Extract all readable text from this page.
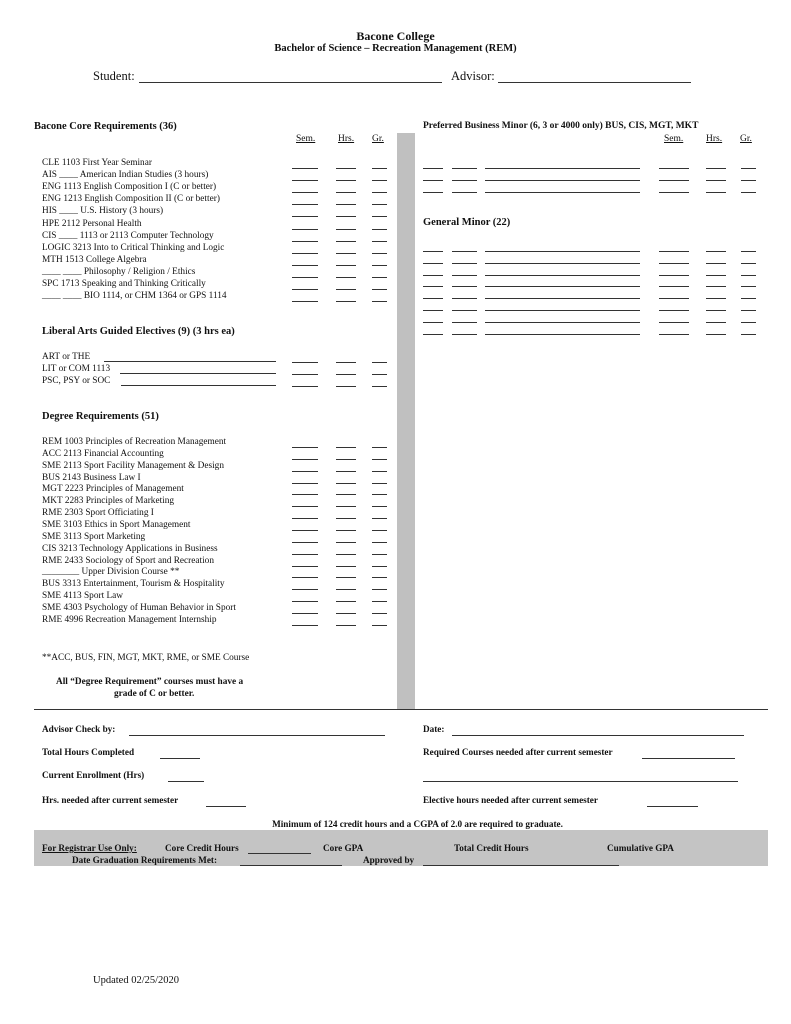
Bacone College
Bachelor of Science – Recreation Management (REM)
Student:	Advisor:
Bacone Core Requirements (36)
Sem. Hrs. Gr.
CLE 1103 First Year Seminar
AIS ____ American Indian Studies (3 hours)
ENG 1113 English Composition I (C or better)
ENG 1213 English Composition II (C or better)
HIS ____ U.S. History (3 hours)
HPE 2112 Personal Health
CIS ____ 1113 or 2113 Computer Technology
LOGIC 3213 Into to Critical Thinking and Logic
MTH 1513 College Algebra
____ ____ Philosophy / Religion / Ethics
SPC 1713 Speaking and Thinking Critically
____ ____ BIO 1114, or CHM 1364 or GPS 1114
Liberal Arts Guided Electives (9) (3 hrs ea)
ART or THE
LIT or COM 1113
PSC, PSY or SOC
Degree Requirements (51)
REM 1003 Principles of Recreation Management
ACC 2113 Financial Accounting
SME 2113 Sport Facility Management & Design
BUS 2143 Business Law I
MGT 2223 Principles of Management
MKT 2283 Principles of Marketing
RME 2303 Sport Officiating I
SME 3103 Ethics in Sport Management
SME 3113 Sport Marketing
CIS 3213 Technology Applications in Business
RME 2433 Sociology of Sport and Recreation
________ Upper Division Course **
BUS 3313 Entertainment, Tourism & Hospitality
SME 4113 Sport Law
SME 4303 Psychology of Human Behavior in Sport
RME 4996 Recreation Management Internship
**ACC, BUS, FIN, MGT, MKT, RME, or SME Course
All “Degree Requirement” courses must have a
grade of C or better.
Preferred Business Minor (6, 3 or 4000 only) BUS, CIS, MGT, MKT
Sem. Hrs. Gr.
General Minor (22)
Advisor Check by:	Date:
Total Hours Completed	Required Courses needed after current semester
Current Enrollment (Hrs)
Hrs. needed after current semester	Elective hours needed after current semester
Minimum of 124 credit hours and a CGPA of 2.0 are required to graduate.
For Registrar Use Only:	Core Credit Hours	Core GPA	Total Credit Hours	Cumulative GPA
Date Graduation Requirements Met:	Approved by
Updated 02/25/2020
